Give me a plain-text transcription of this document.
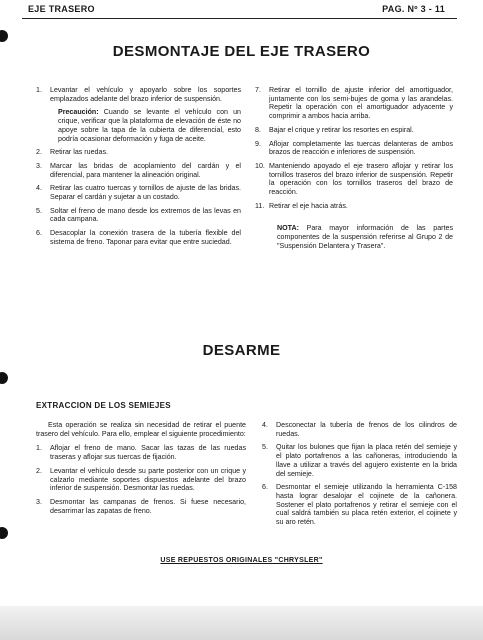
EJE TRASERO	PAG. Nº 3 - 11
DESMONTAJE DEL EJE TRASERO
1. Levantar el vehículo y apoyarlo sobre los soportes emplazados adelante del brazo inferior de suspensión.
Precaución: Cuando se levante el vehículo con un crique, verificar que la plataforma de elevación de éste no apoye sobre la tapa de la cubierta de diferencial, esto podría ocasionar deformación y fuga de aceite.
2. Retirar las ruedas.
3. Marcar las bridas de acoplamiento del cardán y el diferencial, para mantener la alineación original.
4. Retirar las cuatro tuercas y tornillos de ajuste de las bridas. Separar el cardán y sujetar a un costado.
5. Soltar el freno de mano desde los extremos de las levas en cada campana.
6. Desacoplar la conexión trasera de la tubería flexible del sistema de freno. Taponar para evitar que entre suciedad.
7. Retirar el tornillo de ajuste inferior del amortiguador, juntamente con los semi-bujes de goma y las arandelas. Repetir la operación con el amortiguador adyacente y comprimir a ambos hacia arriba.
8. Bajar el crique y retirar los resortes en espiral.
9. Aflojar completamente las tuercas delanteras de ambos brazos de reacción e inferiores de suspensión.
10. Manteniendo apoyado el eje trasero aflojar y retirar los tornillos traseros del brazo inferior de suspensión. Repetir la operación con los tornillos traseros del brazo de reacción.
11. Retirar el eje hacia atrás.
NOTA: Para mayor información de las partes componentes de la suspensión referirse al Grupo 2 de "Suspensión Delantera y Trasera".
DESARME
EXTRACCION DE LOS SEMIEJES
Esta operación se realiza sin necesidad de retirar el puente trasero del vehículo. Para ello, emplear el siguiente procedimiento:
1. Aflojar el freno de mano. Sacar las tazas de las ruedas traseras y aflojar sus tuercas de fijación.
2. Levantar el vehículo desde su parte posterior con un crique y calzarlo mediante soportes dispuestos adelante del brazo inferior de suspensión. Desmontar las ruedas.
3. Desmontar las campanas de frenos. Si fuese necesario, desarrimar las zapatas de freno.
4. Desconectar la tubería de frenos de los cilindros de ruedas.
5. Quitar los bulones que fijan la placa retén del semieje y el plato portafrenos a las cañoneras, introduciendo la llave a utilizar a través del agujero existente en la brida del semieje.
6. Desmontar el semieje utilizando la herramienta C-158 hasta lograr desalojar el cojinete de la cañonera. Sostener el plato portafrenos y retirar el semieje con el cual saldrá también su placa retén exterior, el cojinete y su aro retén.
USE REPUESTOS ORIGINALES "CHRYSLER"
